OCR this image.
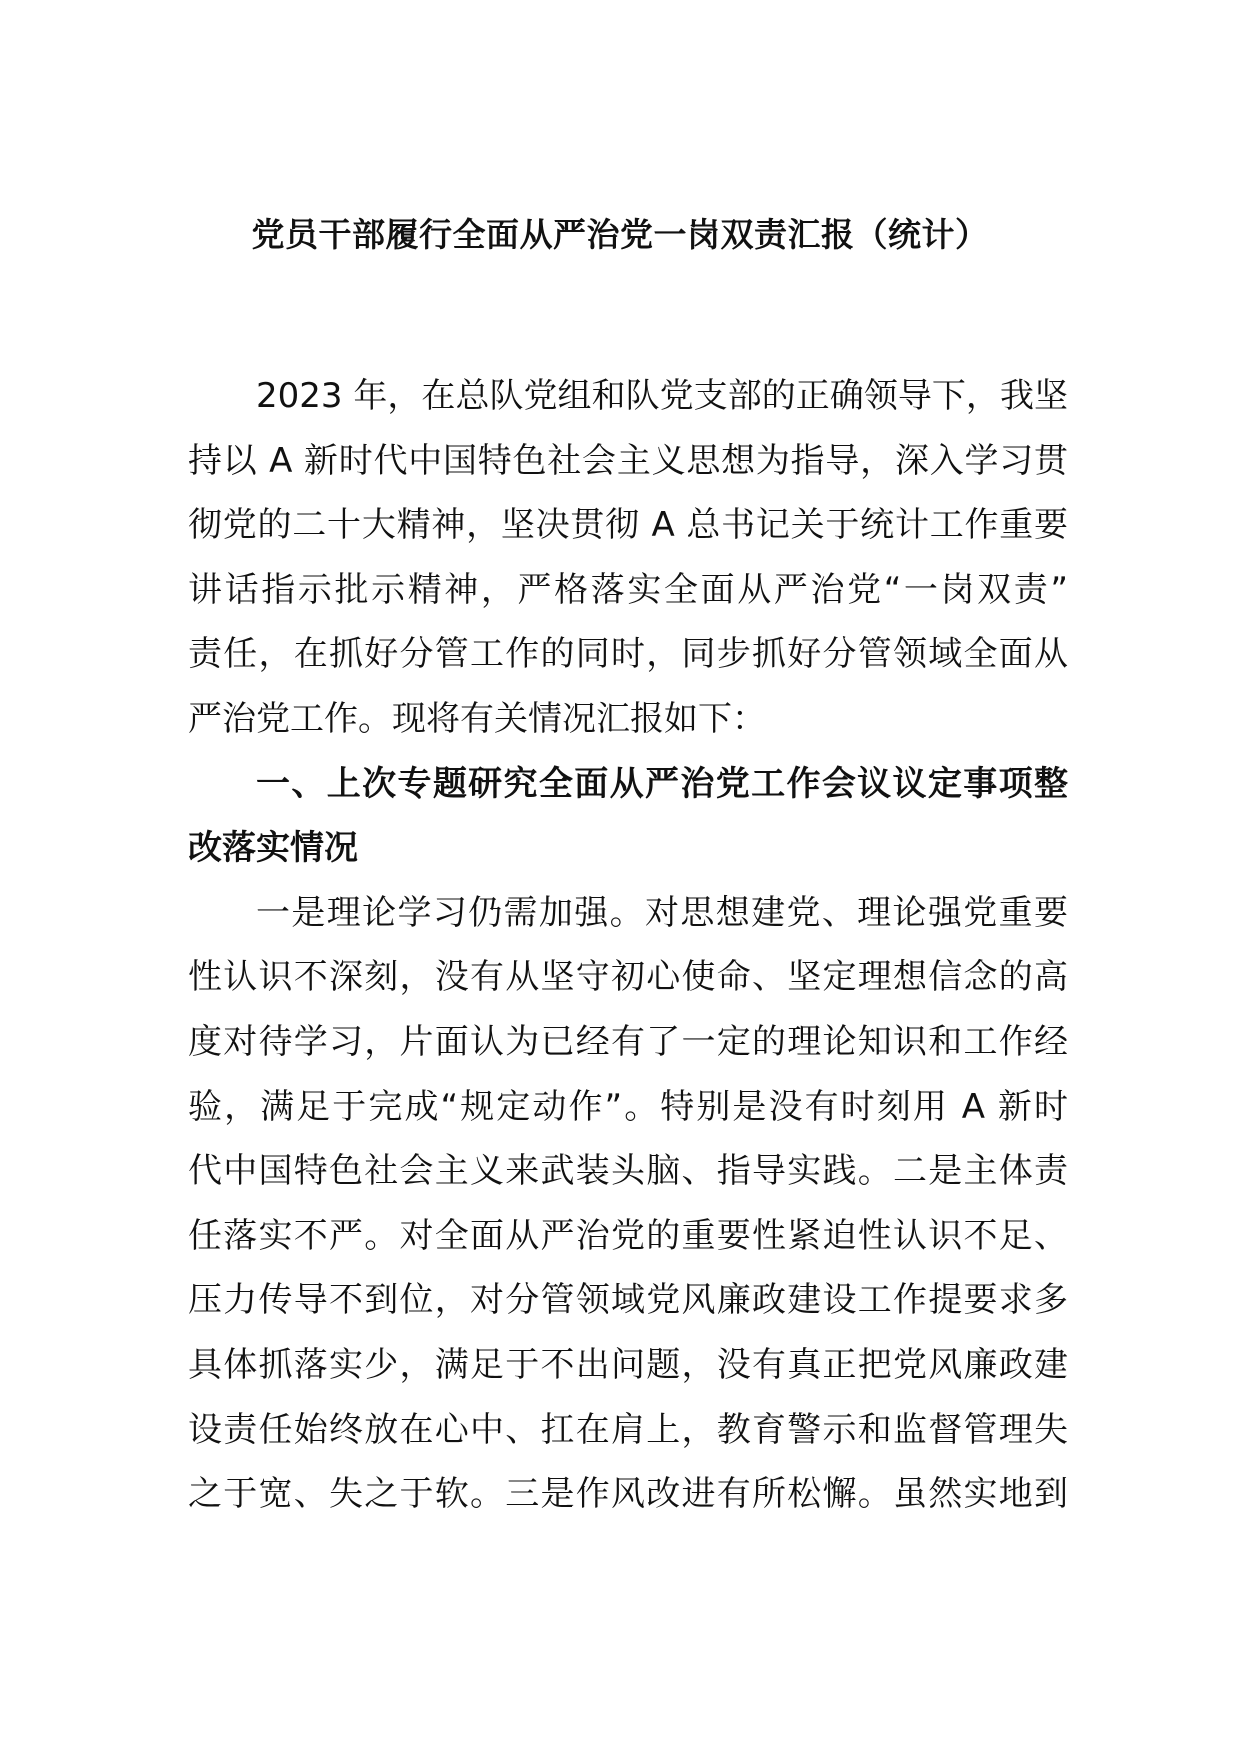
党员干部履行全面从严治党一岗双责汇报（统计）
2023 年，在总队党组和队党支部的正确领导下，我坚
持以 A 新时代中国特色社会主义思想为指导，深入学习贯
彻党的二十大精神，坚决贯彻 A 总书记关于统计工作重要
讲话指示批示精神，严格落实全面从严治党“一岗双责”
责任，在抓好分管工作的同时，同步抓好分管领域全面从
严治党工作。现将有关情况汇报如下：
一、上次专题研究全面从严治党工作会议议定事项整
改落实情况
一是理论学习仍需加强。对思想建党、理论强党重要
性认识不深刻，没有从坚守初心使命、坚定理想信念的高
度对待学习，片面认为已经有了一定的理论知识和工作经
验，满足于完成“规定动作”。特别是没有时刻用 A 新时
代中国特色社会主义来武装头脑、指导实践。二是主体责
任落实不严。对全面从严治党的重要性紧迫性认识不足、
压力传导不到位，对分管领域党风廉政建设工作提要求多
具体抓落实少，满足于不出问题，没有真正把党风廉政建
设责任始终放在心中、扛在肩上，教育警示和监督管理失
之于宽、失之于软。三是作风改进有所松懈。虽然实地到
